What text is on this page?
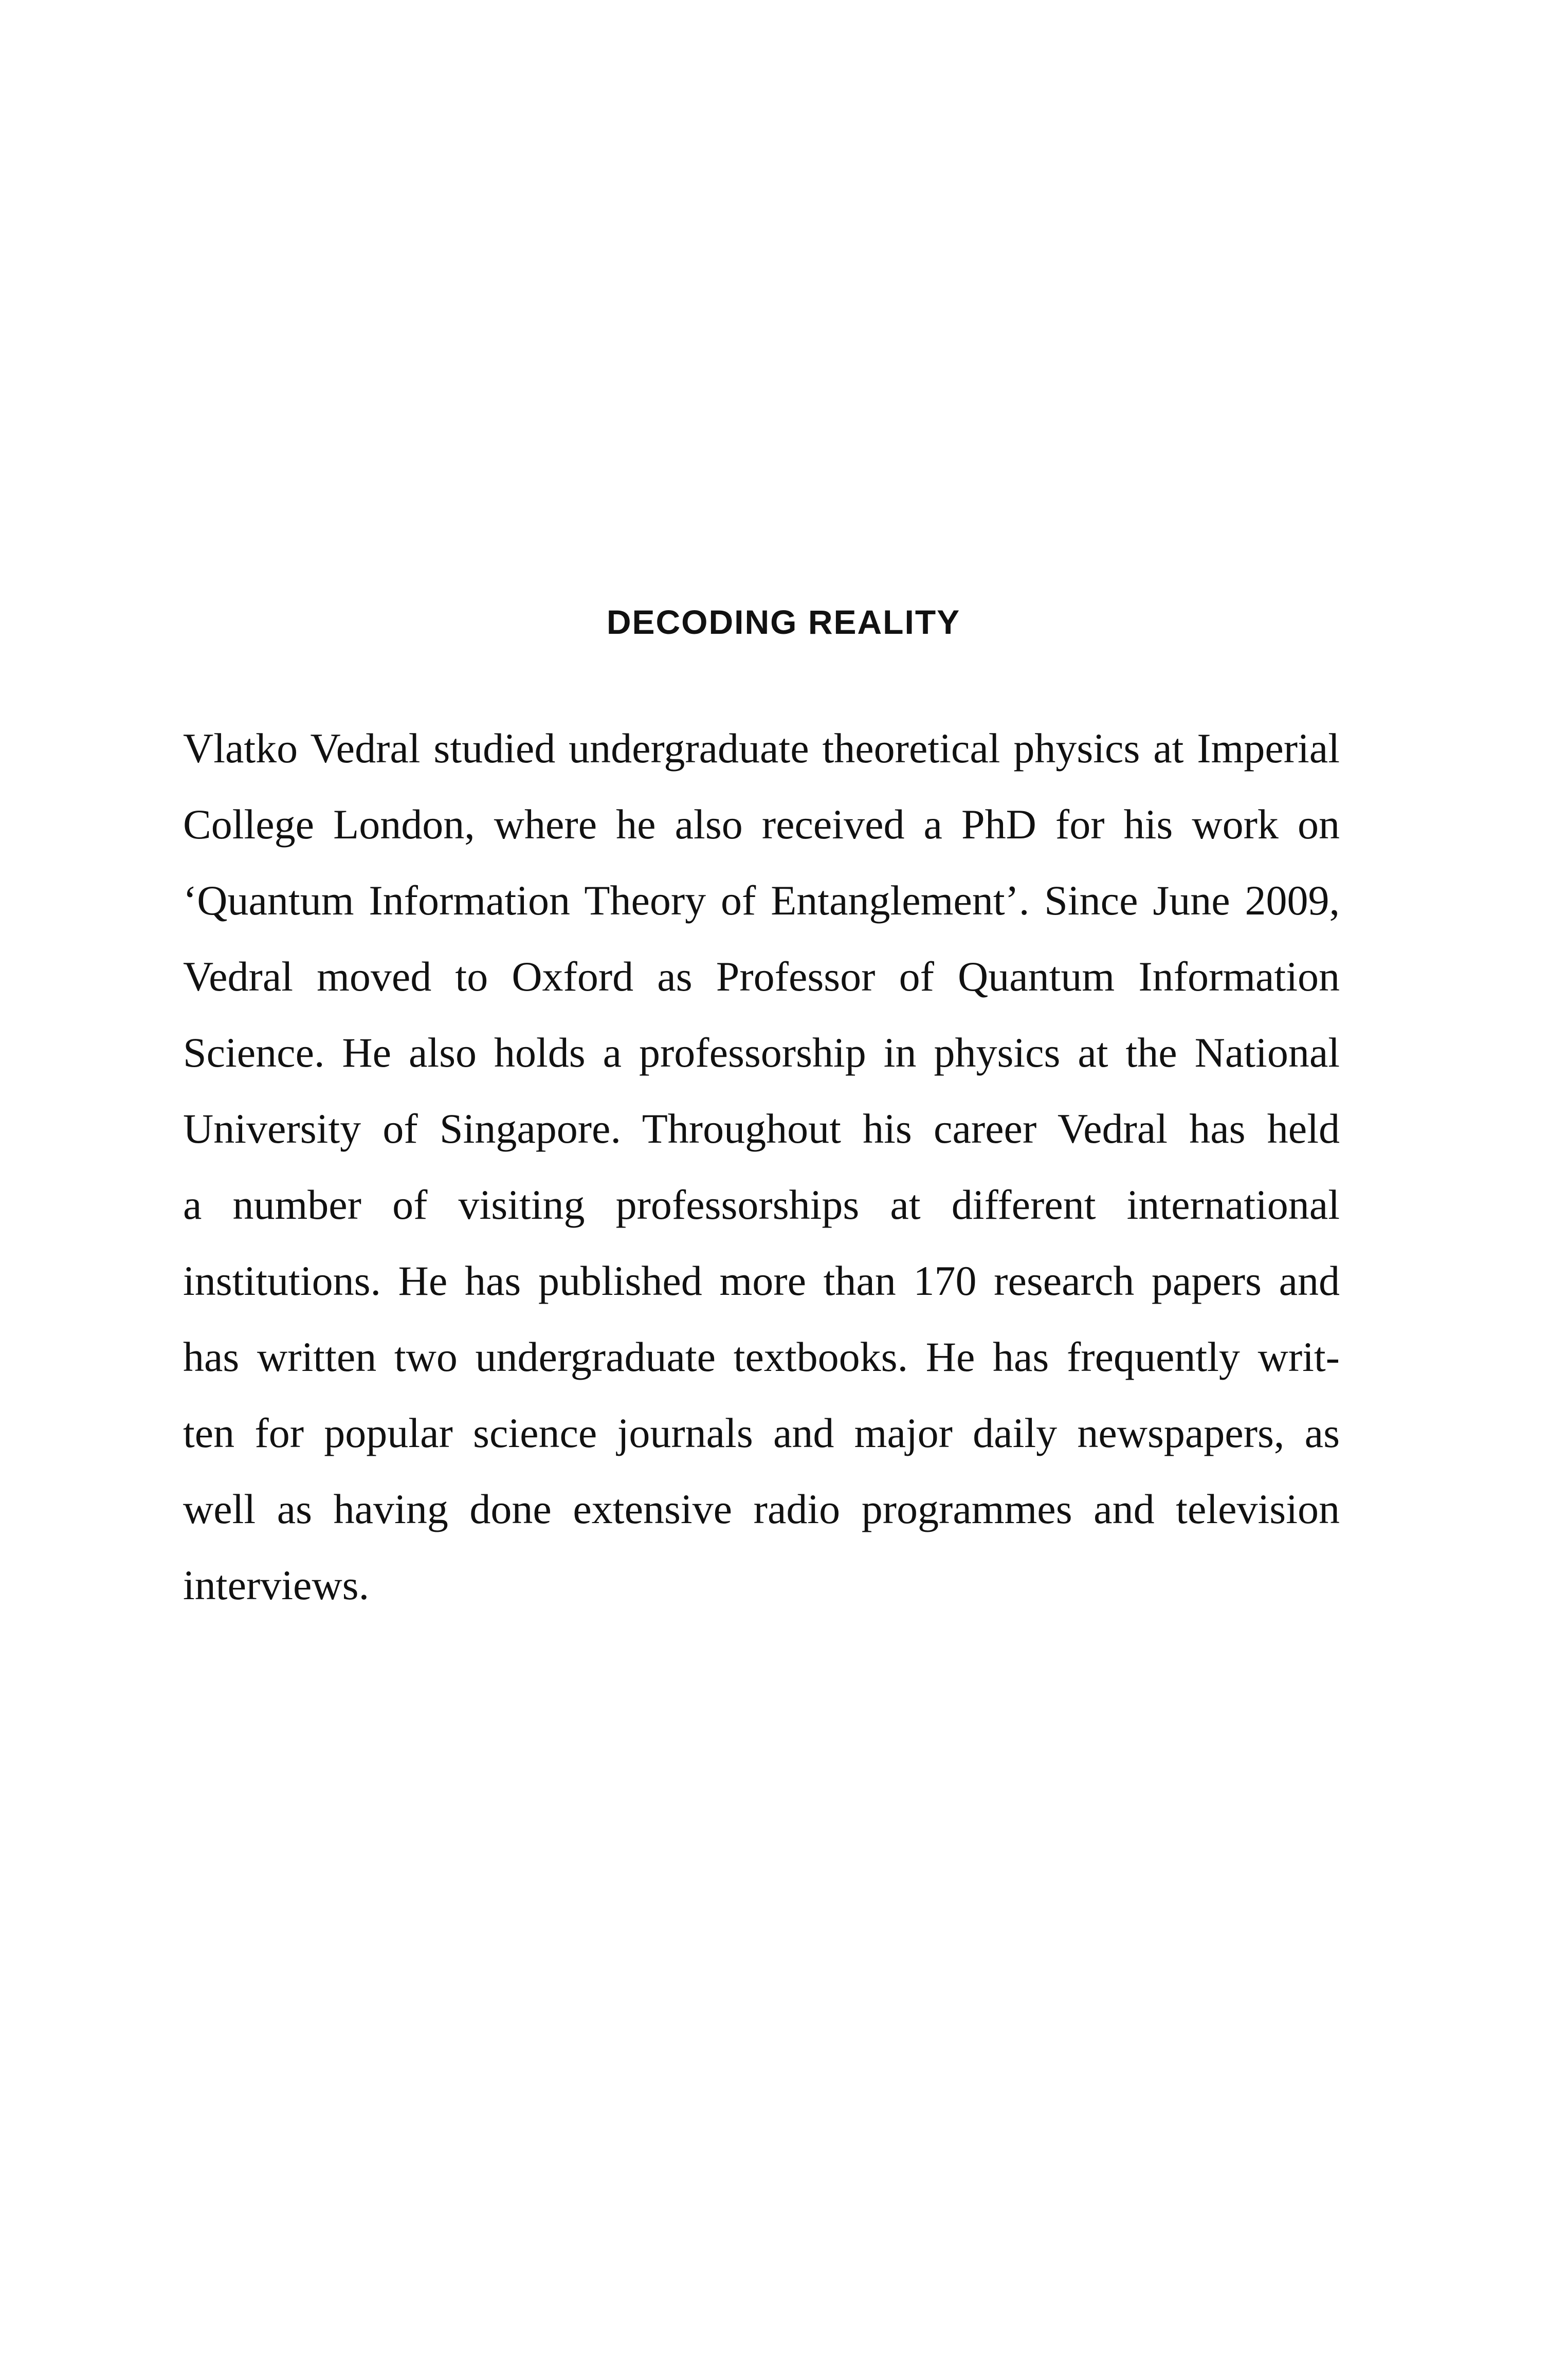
DECODING REALITY
Vlatko Vedral studied undergraduate theoretical physics at Imperial
College London, where he also received a PhD for his work on
‘Quantum Information Theory of Entanglement’. Since June 2009,
Vedral moved to Oxford as Professor of Quantum Information
Science. He also holds a professorship in physics at the National
University of Singapore. Throughout his career Vedral has held
a number of visiting professorships at different international
institutions. He has published more than 170 research papers and
has written two undergraduate textbooks. He has frequently writ-
ten for popular science journals and major daily newspapers, as
well as having done extensive radio programmes and television
interviews.
